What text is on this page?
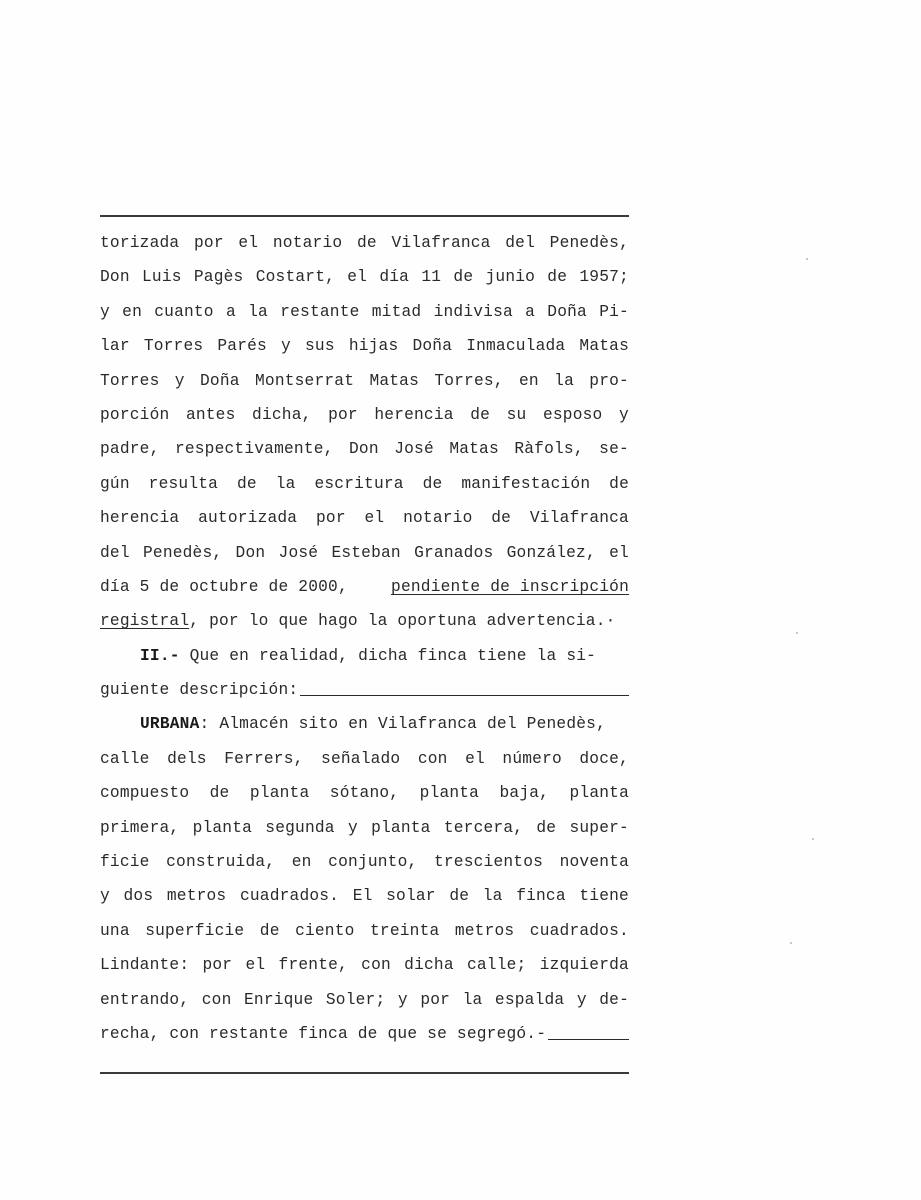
torizada por el notario de Vilafranca del Penedès,
Don Luis Pagès Costart, el día 11 de junio de 1957;
y en cuanto a la restante mitad indivisa a Doña Pi-
lar Torres Parés y sus hijas Doña Inmaculada Matas
Torres y Doña Montserrat Matas Torres, en la pro-
porción antes dicha, por herencia de su esposo y
padre, respectivamente, Don José Matas Ràfols, se-
gún resulta de la escritura de manifestación de
herencia autorizada por el notario de Vilafranca
del Penedès, Don José Esteban Granados González, el
día 5 de octubre de 2000,	pendiente de inscripción
registral , por lo que hago la oportuna advertencia.·
II.-
Que en realidad, dicha finca tiene la si-
guiente descripción:
URBANA : Almacén sito en Vilafranca del Penedès,
calle dels Ferrers, señalado con el número doce,
compuesto de planta sótano, planta baja, planta
primera, planta segunda y planta tercera, de super-
ficie construida, en conjunto, trescientos noventa
y dos metros cuadrados. El solar de la finca tiene
una superficie de ciento treinta metros cuadrados.
Lindante: por el frente, con dicha calle; izquierda
entrando, con Enrique Soler; y por la espalda y de-
recha, con restante finca de que se segregó.-
